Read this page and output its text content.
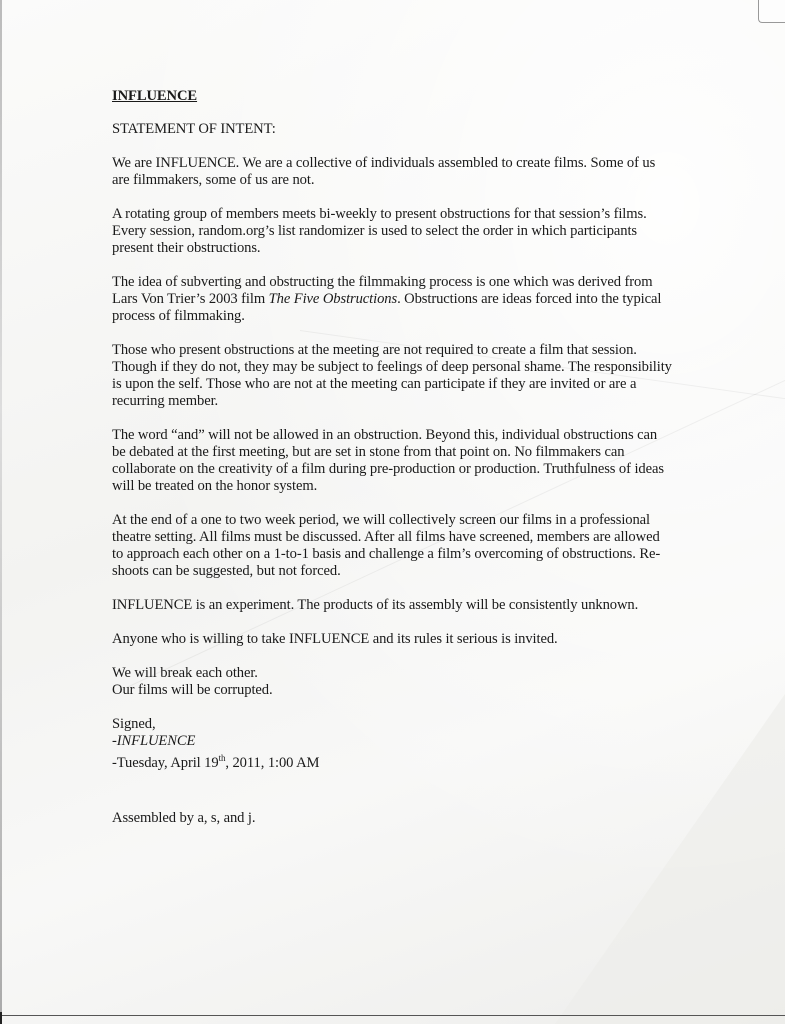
INFLUENCE

STATEMENT OF INTENT:

We are INFLUENCE. We are a collective of individuals assembled to create films. Some of us are filmmakers, some of us are not.

A rotating group of members meets bi-weekly to present obstructions for that session’s films. Every session, random.org’s list randomizer is used to select the order in which participants present their obstructions.

The idea of subverting and obstructing the filmmaking process is one which was derived from Lars Von Trier’s 2003 film The Five Obstructions. Obstructions are ideas forced into the typical process of filmmaking.

Those who present obstructions at the meeting are not required to create a film that session. Though if they do not, they may be subject to feelings of deep personal shame. The responsibility is upon the self. Those who are not at the meeting can participate if they are invited or are a recurring member.

The word “and” will not be allowed in an obstruction. Beyond this, individual obstructions can be debated at the first meeting, but are set in stone from that point on. No filmmakers can collaborate on the creativity of a film during pre-production or production. Truthfulness of ideas will be treated on the honor system.

At the end of a one to two week period, we will collectively screen our films in a professional theatre setting. All films must be discussed. After all films have screened, members are allowed to approach each other on a 1-to-1 basis and challenge a film’s overcoming of obstructions. Re-shoots can be suggested, but not forced.

INFLUENCE is an experiment. The products of its assembly will be consistently unknown.

Anyone who is willing to take INFLUENCE and its rules it serious is invited.

We will break each other.
Our films will be corrupted.

Signed,

-INFLUENCE

-Tuesday, April 19th, 2011, 1:00 AM

Assembled by a, s, and j.
